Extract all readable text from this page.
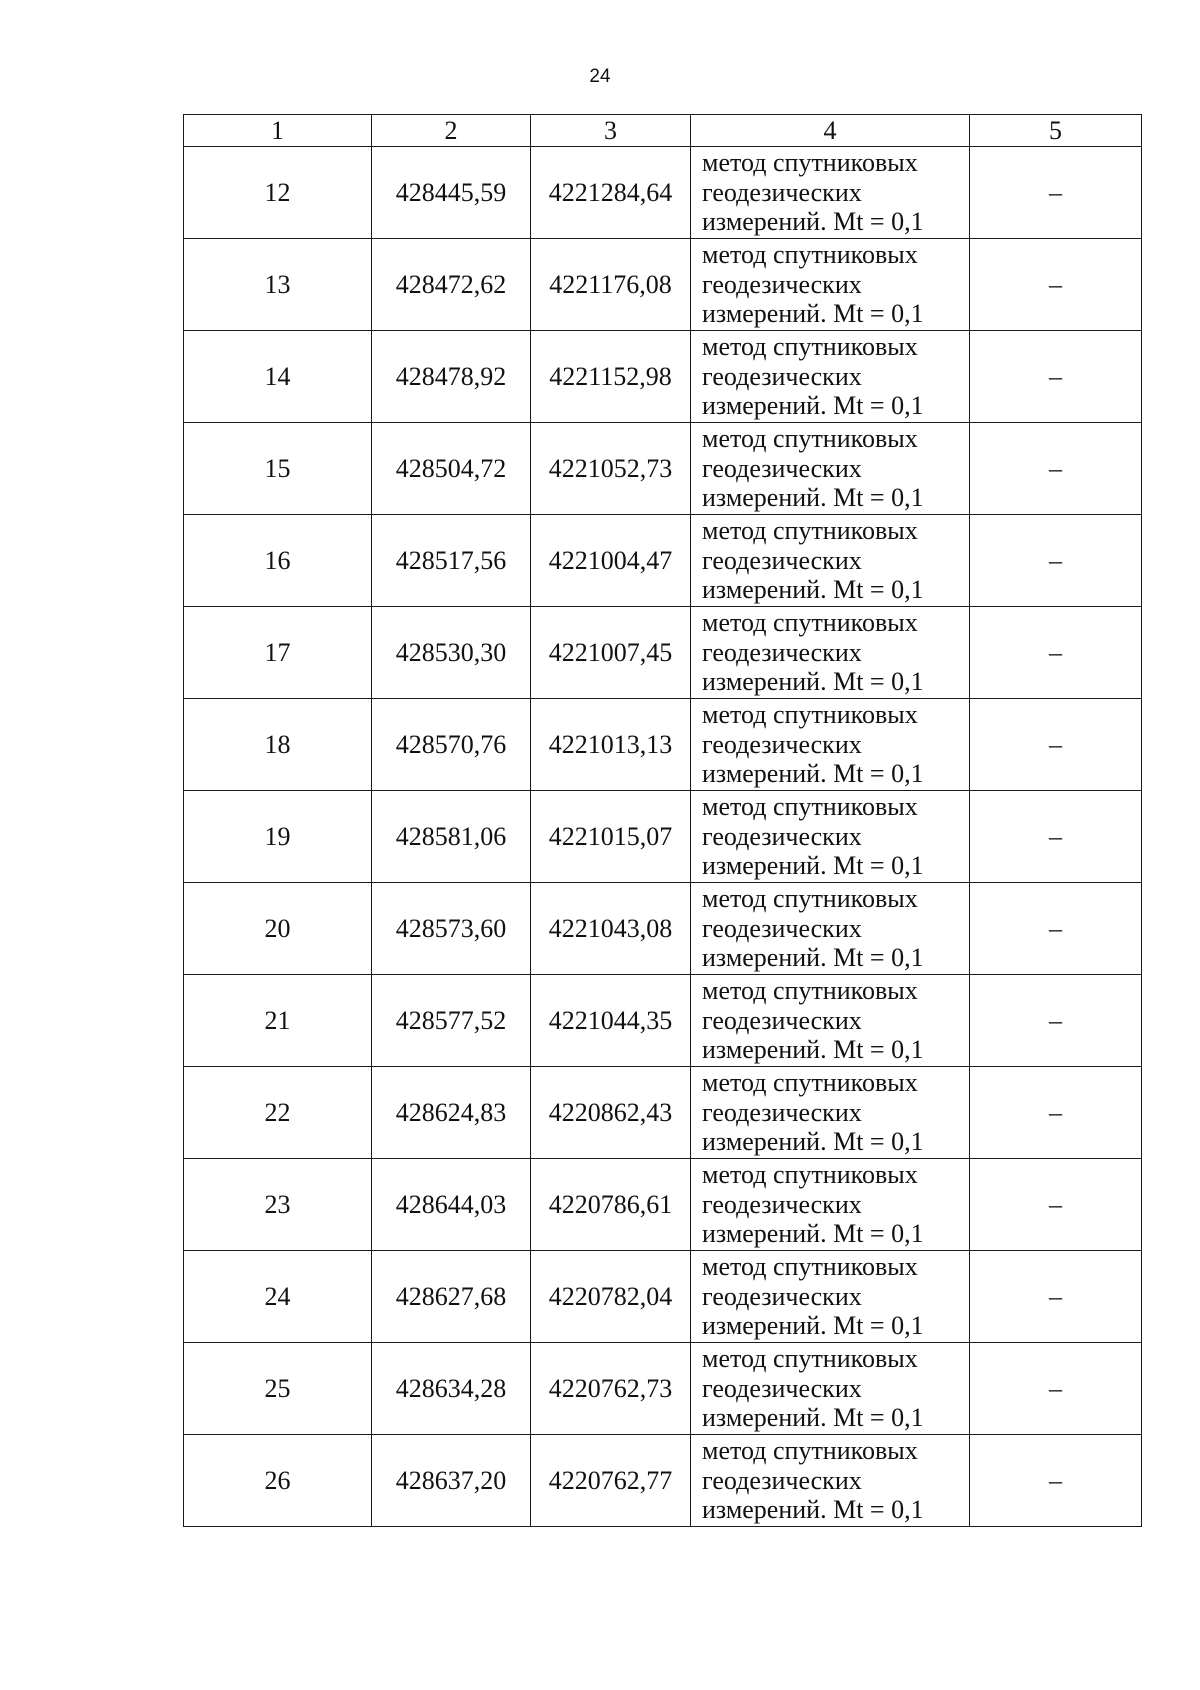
24
1	2	3	4	5
12	428445,59	4221284,64	метод спутниковых
геодезических
измерений. Mt = 0,1	–
13	428472,62	4221176,08	метод спутниковых
геодезических
измерений. Mt = 0,1	–
14	428478,92	4221152,98	метод спутниковых
геодезических
измерений. Mt = 0,1	–
15	428504,72	4221052,73	метод спутниковых
геодезических
измерений. Mt = 0,1	–
16	428517,56	4221004,47	метод спутниковых
геодезических
измерений. Mt = 0,1	–
17	428530,30	4221007,45	метод спутниковых
геодезических
измерений. Mt = 0,1	–
18	428570,76	4221013,13	метод спутниковых
геодезических
измерений. Mt = 0,1	–
19	428581,06	4221015,07	метод спутниковых
геодезических
измерений. Mt = 0,1	–
20	428573,60	4221043,08	метод спутниковых
геодезических
измерений. Mt = 0,1	–
21	428577,52	4221044,35	метод спутниковых
геодезических
измерений. Mt = 0,1	–
22	428624,83	4220862,43	метод спутниковых
геодезических
измерений. Mt = 0,1	–
23	428644,03	4220786,61	метод спутниковых
геодезических
измерений. Mt = 0,1	–
24	428627,68	4220782,04	метод спутниковых
геодезических
измерений. Mt = 0,1	–
25	428634,28	4220762,73	метод спутниковых
геодезических
измерений. Mt = 0,1	–
26	428637,20	4220762,77	метод спутниковых
геодезических
измерений. Mt = 0,1	–
